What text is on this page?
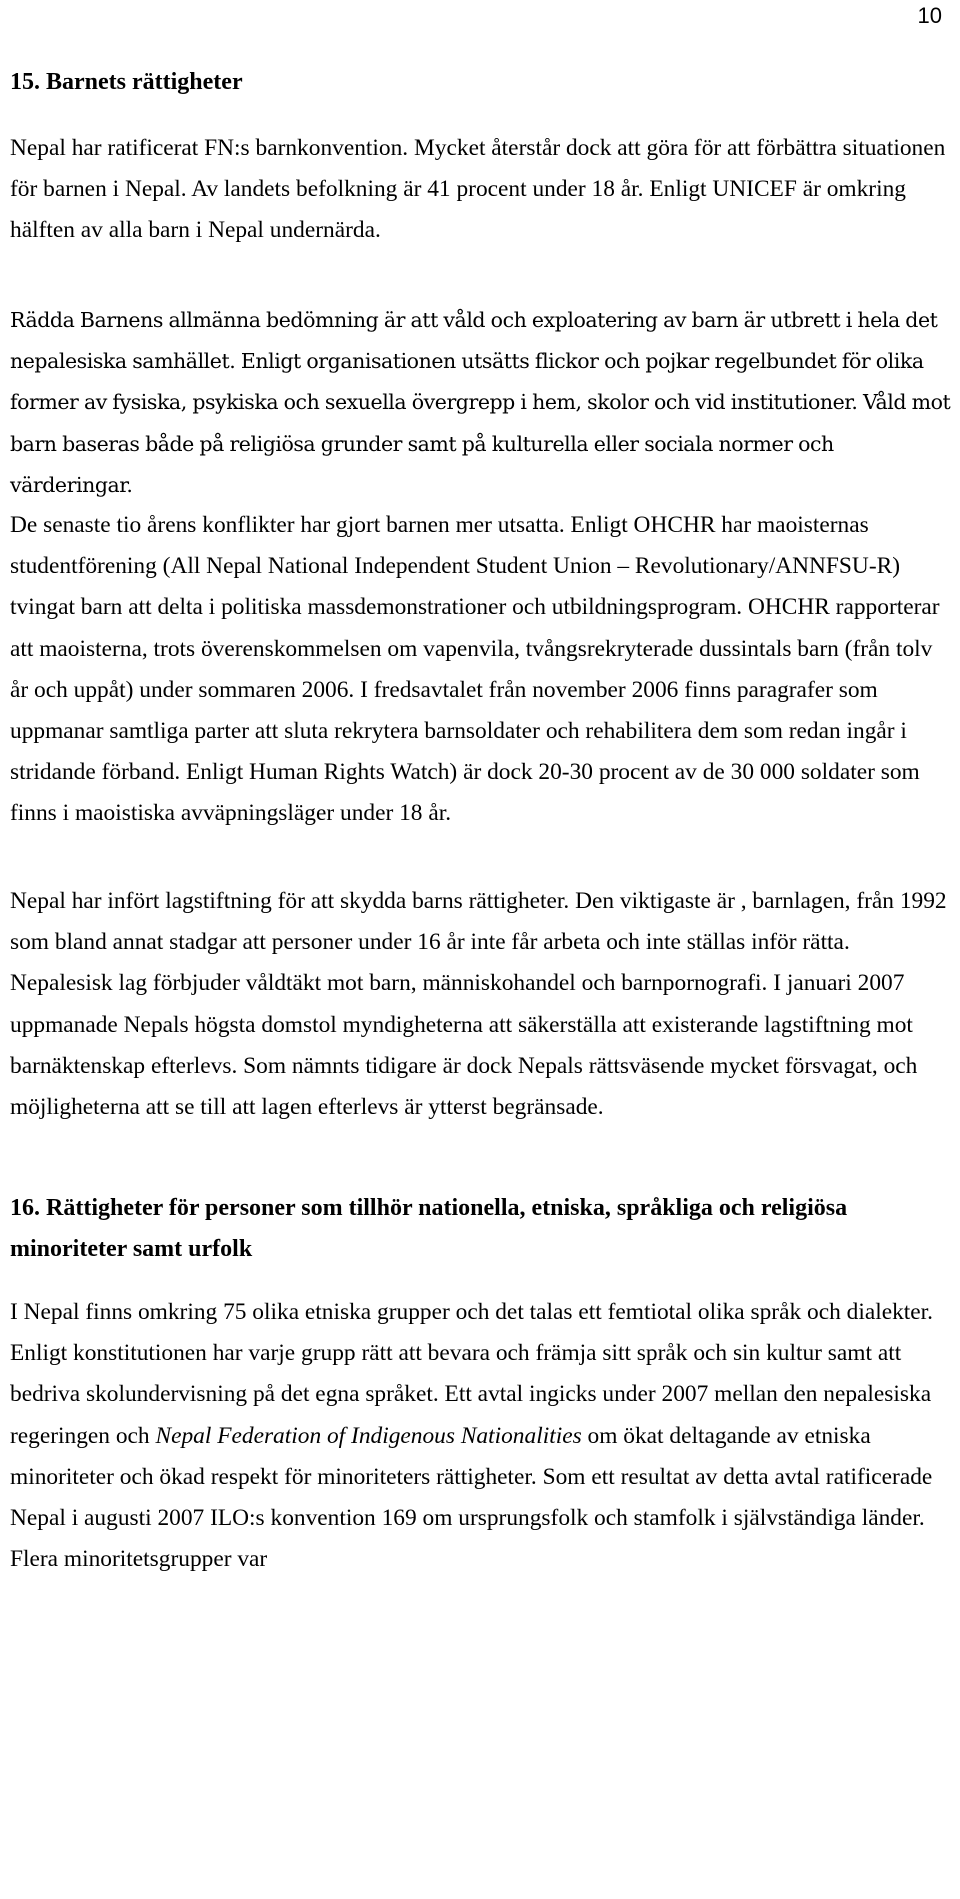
10
15. Barnets rättigheter

Nepal har ratificerat FN:s barnkonvention. Mycket återstår dock att göra för att förbättra situationen för barnen i Nepal. Av landets befolkning är 41 procent under 18 år. Enligt UNICEF är omkring hälften av alla barn i Nepal undernärda.

Rädda Barnens allmänna bedömning är att våld och exploatering av barn är utbrett i hela det nepalesiska samhället. Enligt organisationen utsätts flickor och pojkar regelbundet för olika former av fysiska, psykiska och sexuella övergrepp i hem, skolor och vid institutioner. Våld mot barn baseras både på religiösa grunder samt på kulturella eller sociala normer och värderingar.

De senaste tio årens konflikter har gjort barnen mer utsatta. Enligt OHCHR har maoisternas studentförening (All Nepal National Independent Student Union – Revolutionary/ANNFSU-R) tvingat barn att delta i politiska massdemonstrationer och utbildningsprogram. OHCHR rapporterar att maoisterna, trots överenskommelsen om vapenvila, tvångsrekryterade dussintals barn (från tolv år och uppåt) under sommaren 2006. I fredsavtalet från november 2006 finns paragrafer som uppmanar samtliga parter att sluta rekrytera barnsoldater och rehabilitera dem som redan ingår i stridande förband. Enligt Human Rights Watch) är dock 20-30 procent av de 30 000 soldater som finns i maoistiska avväpningsläger under 18 år.

Nepal har infört lagstiftning för att skydda barns rättigheter. Den viktigaste är , barnlagen, från 1992 som bland annat stadgar att personer under 16 år inte får arbeta och inte ställas inför rätta. Nepalesisk lag förbjuder våldtäkt mot barn, människohandel och barnpornografi. I januari 2007 uppmanade Nepals högsta domstol myndigheterna att säkerställa att existerande lagstiftning mot barnäktenskap efterlevs. Som nämnts tidigare är dock Nepals rättsväsende mycket försvagat, och möjligheterna att se till att lagen efterlevs är ytterst begränsade.

16. Rättigheter för personer som tillhör nationella, etniska, språkliga och religiösa minoriteter samt urfolk

I Nepal finns omkring 75 olika etniska grupper och det talas ett femtiotal olika språk och dialekter. Enligt konstitutionen har varje grupp rätt att bevara och främja sitt språk och sin kultur samt att bedriva skolundervisning på det egna språket. Ett avtal ingicks under 2007 mellan den nepalesiska regeringen och Nepal Federation of Indigenous Nationalities om ökat deltagande av etniska minoriteter och ökad respekt för minoriteters rättigheter. Som ett resultat av detta avtal ratificerade Nepal i augusti 2007 ILO:s konvention 169 om ursprungsfolk och stamfolk i självständiga länder. Flera minoritetsgrupper var
